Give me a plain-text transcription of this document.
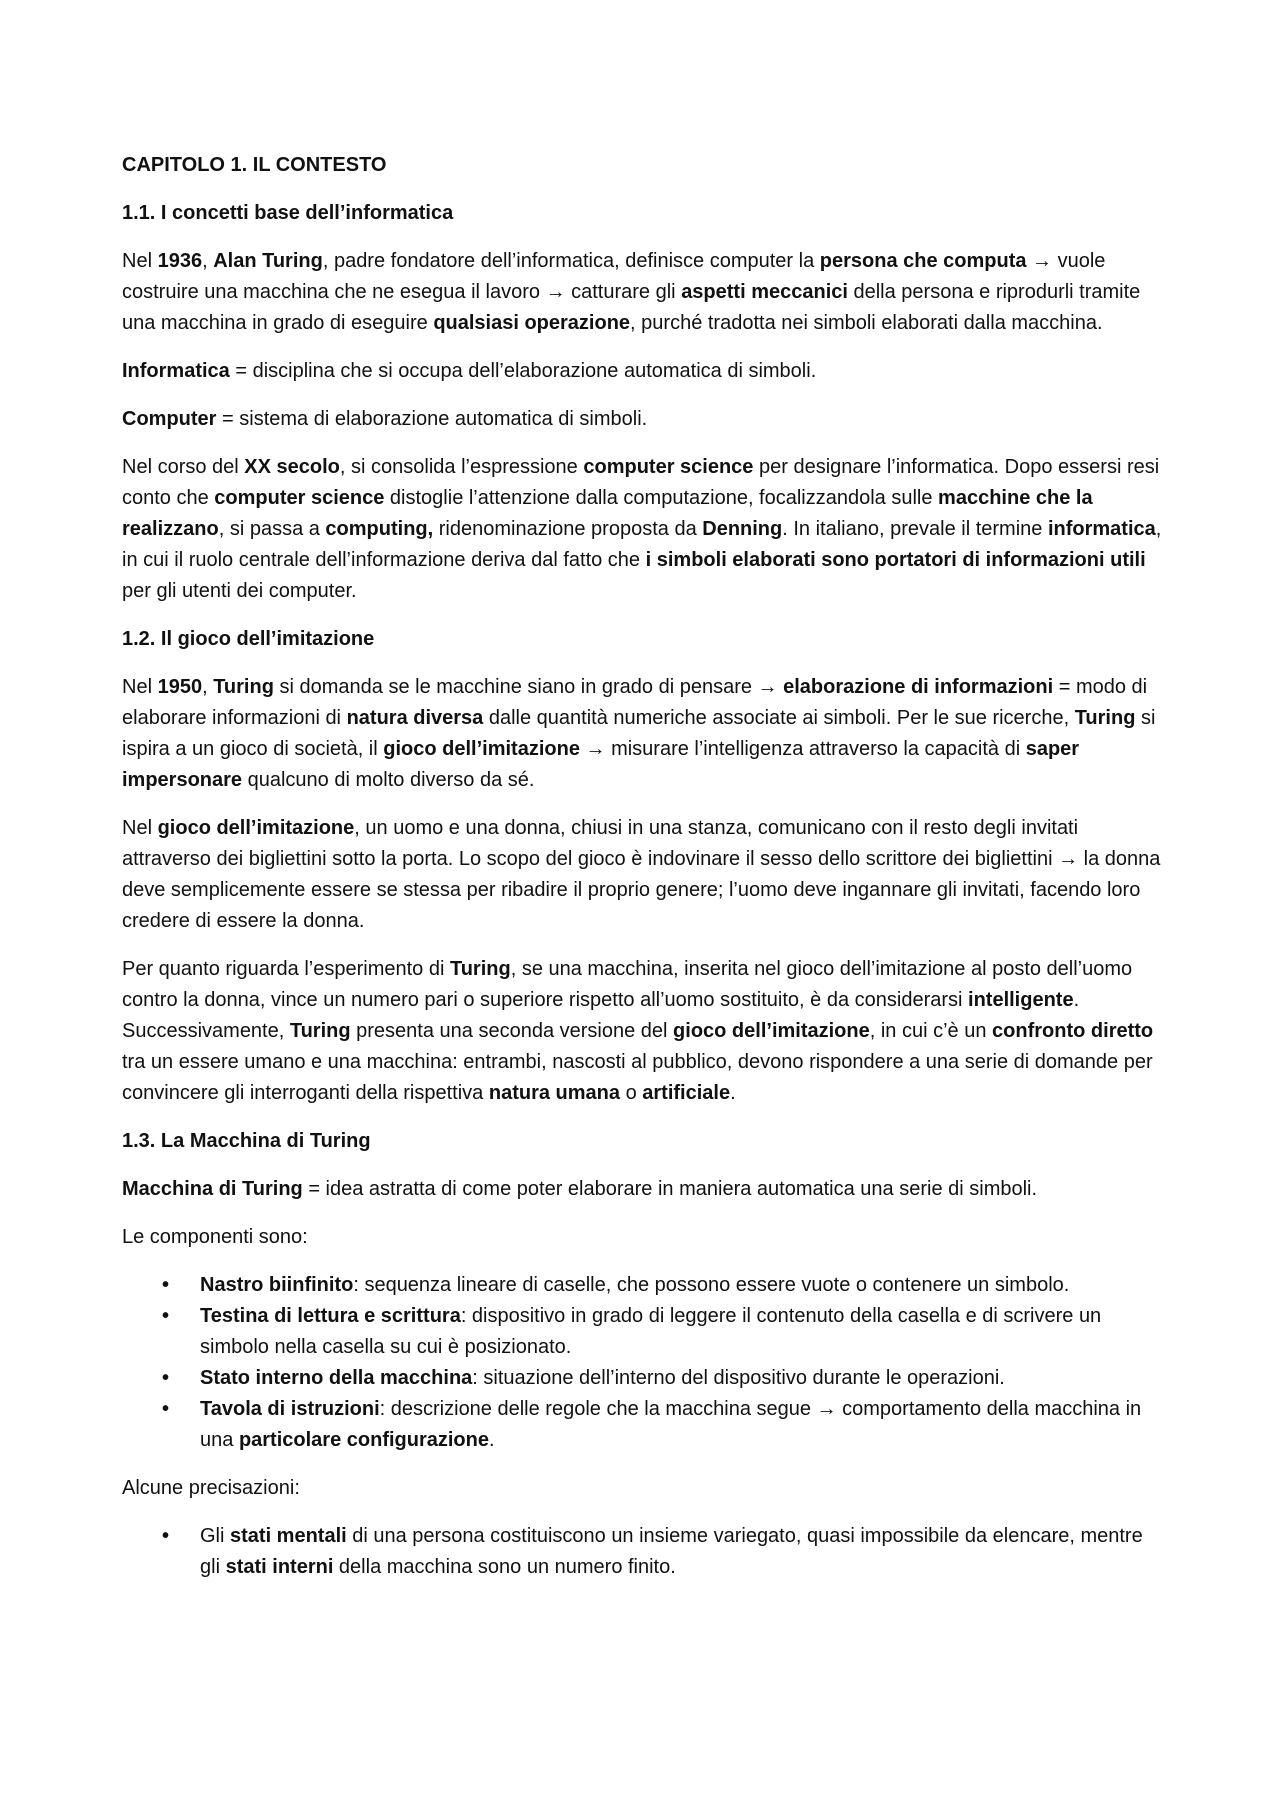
CAPITOLO 1. IL CONTESTO

1.1. I concetti base dell’informatica

Nel 1936, Alan Turing, padre fondatore dell’informatica, definisce computer la persona che computa → vuole costruire una macchina che ne esegua il lavoro → catturare gli aspetti meccanici della persona e riprodurli tramite una macchina in grado di eseguire qualsiasi operazione, purché tradotta nei simboli elaborati dalla macchina.

Informatica = disciplina che si occupa dell’elaborazione automatica di simboli.

Computer = sistema di elaborazione automatica di simboli.

Nel corso del XX secolo, si consolida l’espressione computer science per designare l’informatica. Dopo essersi resi conto che computer science distoglie l’attenzione dalla computazione, focalizzandola sulle macchine che la realizzano, si passa a computing, ridenominazione proposta da Denning. In italiano, prevale il termine informatica, in cui il ruolo centrale dell’informazione deriva dal fatto che i simboli elaborati sono portatori di informazioni utili per gli utenti dei computer.

1.2. Il gioco dell’imitazione

Nel 1950, Turing si domanda se le macchine siano in grado di pensare → elaborazione di informazioni = modo di elaborare informazioni di natura diversa dalle quantità numeriche associate ai simboli. Per le sue ricerche, Turing si ispira a un gioco di società, il gioco dell’imitazione → misurare l’intelligenza attraverso la capacità di saper impersonare qualcuno di molto diverso da sé.

Nel gioco dell’imitazione, un uomo e una donna, chiusi in una stanza, comunicano con il resto degli invitati attraverso dei bigliettini sotto la porta. Lo scopo del gioco è indovinare il sesso dello scrittore dei bigliettini → la donna deve semplicemente essere se stessa per ribadire il proprio genere; l’uomo deve ingannare gli invitati, facendo loro credere di essere la donna.

Per quanto riguarda l’esperimento di Turing, se una macchina, inserita nel gioco dell’imitazione al posto dell’uomo contro la donna, vince un numero pari o superiore rispetto all’uomo sostituito, è da considerarsi intelligente. Successivamente, Turing presenta una seconda versione del gioco dell’imitazione, in cui c’è un confronto diretto tra un essere umano e una macchina: entrambi, nascosti al pubblico, devono rispondere a una serie di domande per convincere gli interroganti della rispettiva natura umana o artificiale.

1.3. La Macchina di Turing

Macchina di Turing = idea astratta di come poter elaborare in maniera automatica una serie di simboli.

Le componenti sono:

• Nastro biinfinito: sequenza lineare di caselle, che possono essere vuote o contenere un simbolo.
• Testina di lettura e scrittura: dispositivo in grado di leggere il contenuto della casella e di scrivere un simbolo nella casella su cui è posizionato.
• Stato interno della macchina: situazione dell’interno del dispositivo durante le operazioni.
• Tavola di istruzioni: descrizione delle regole che la macchina segue → comportamento della macchina in una particolare configurazione.

Alcune precisazioni:

• Gli stati mentali di una persona costituiscono un insieme variegato, quasi impossibile da elencare, mentre gli stati interni della macchina sono un numero finito.
